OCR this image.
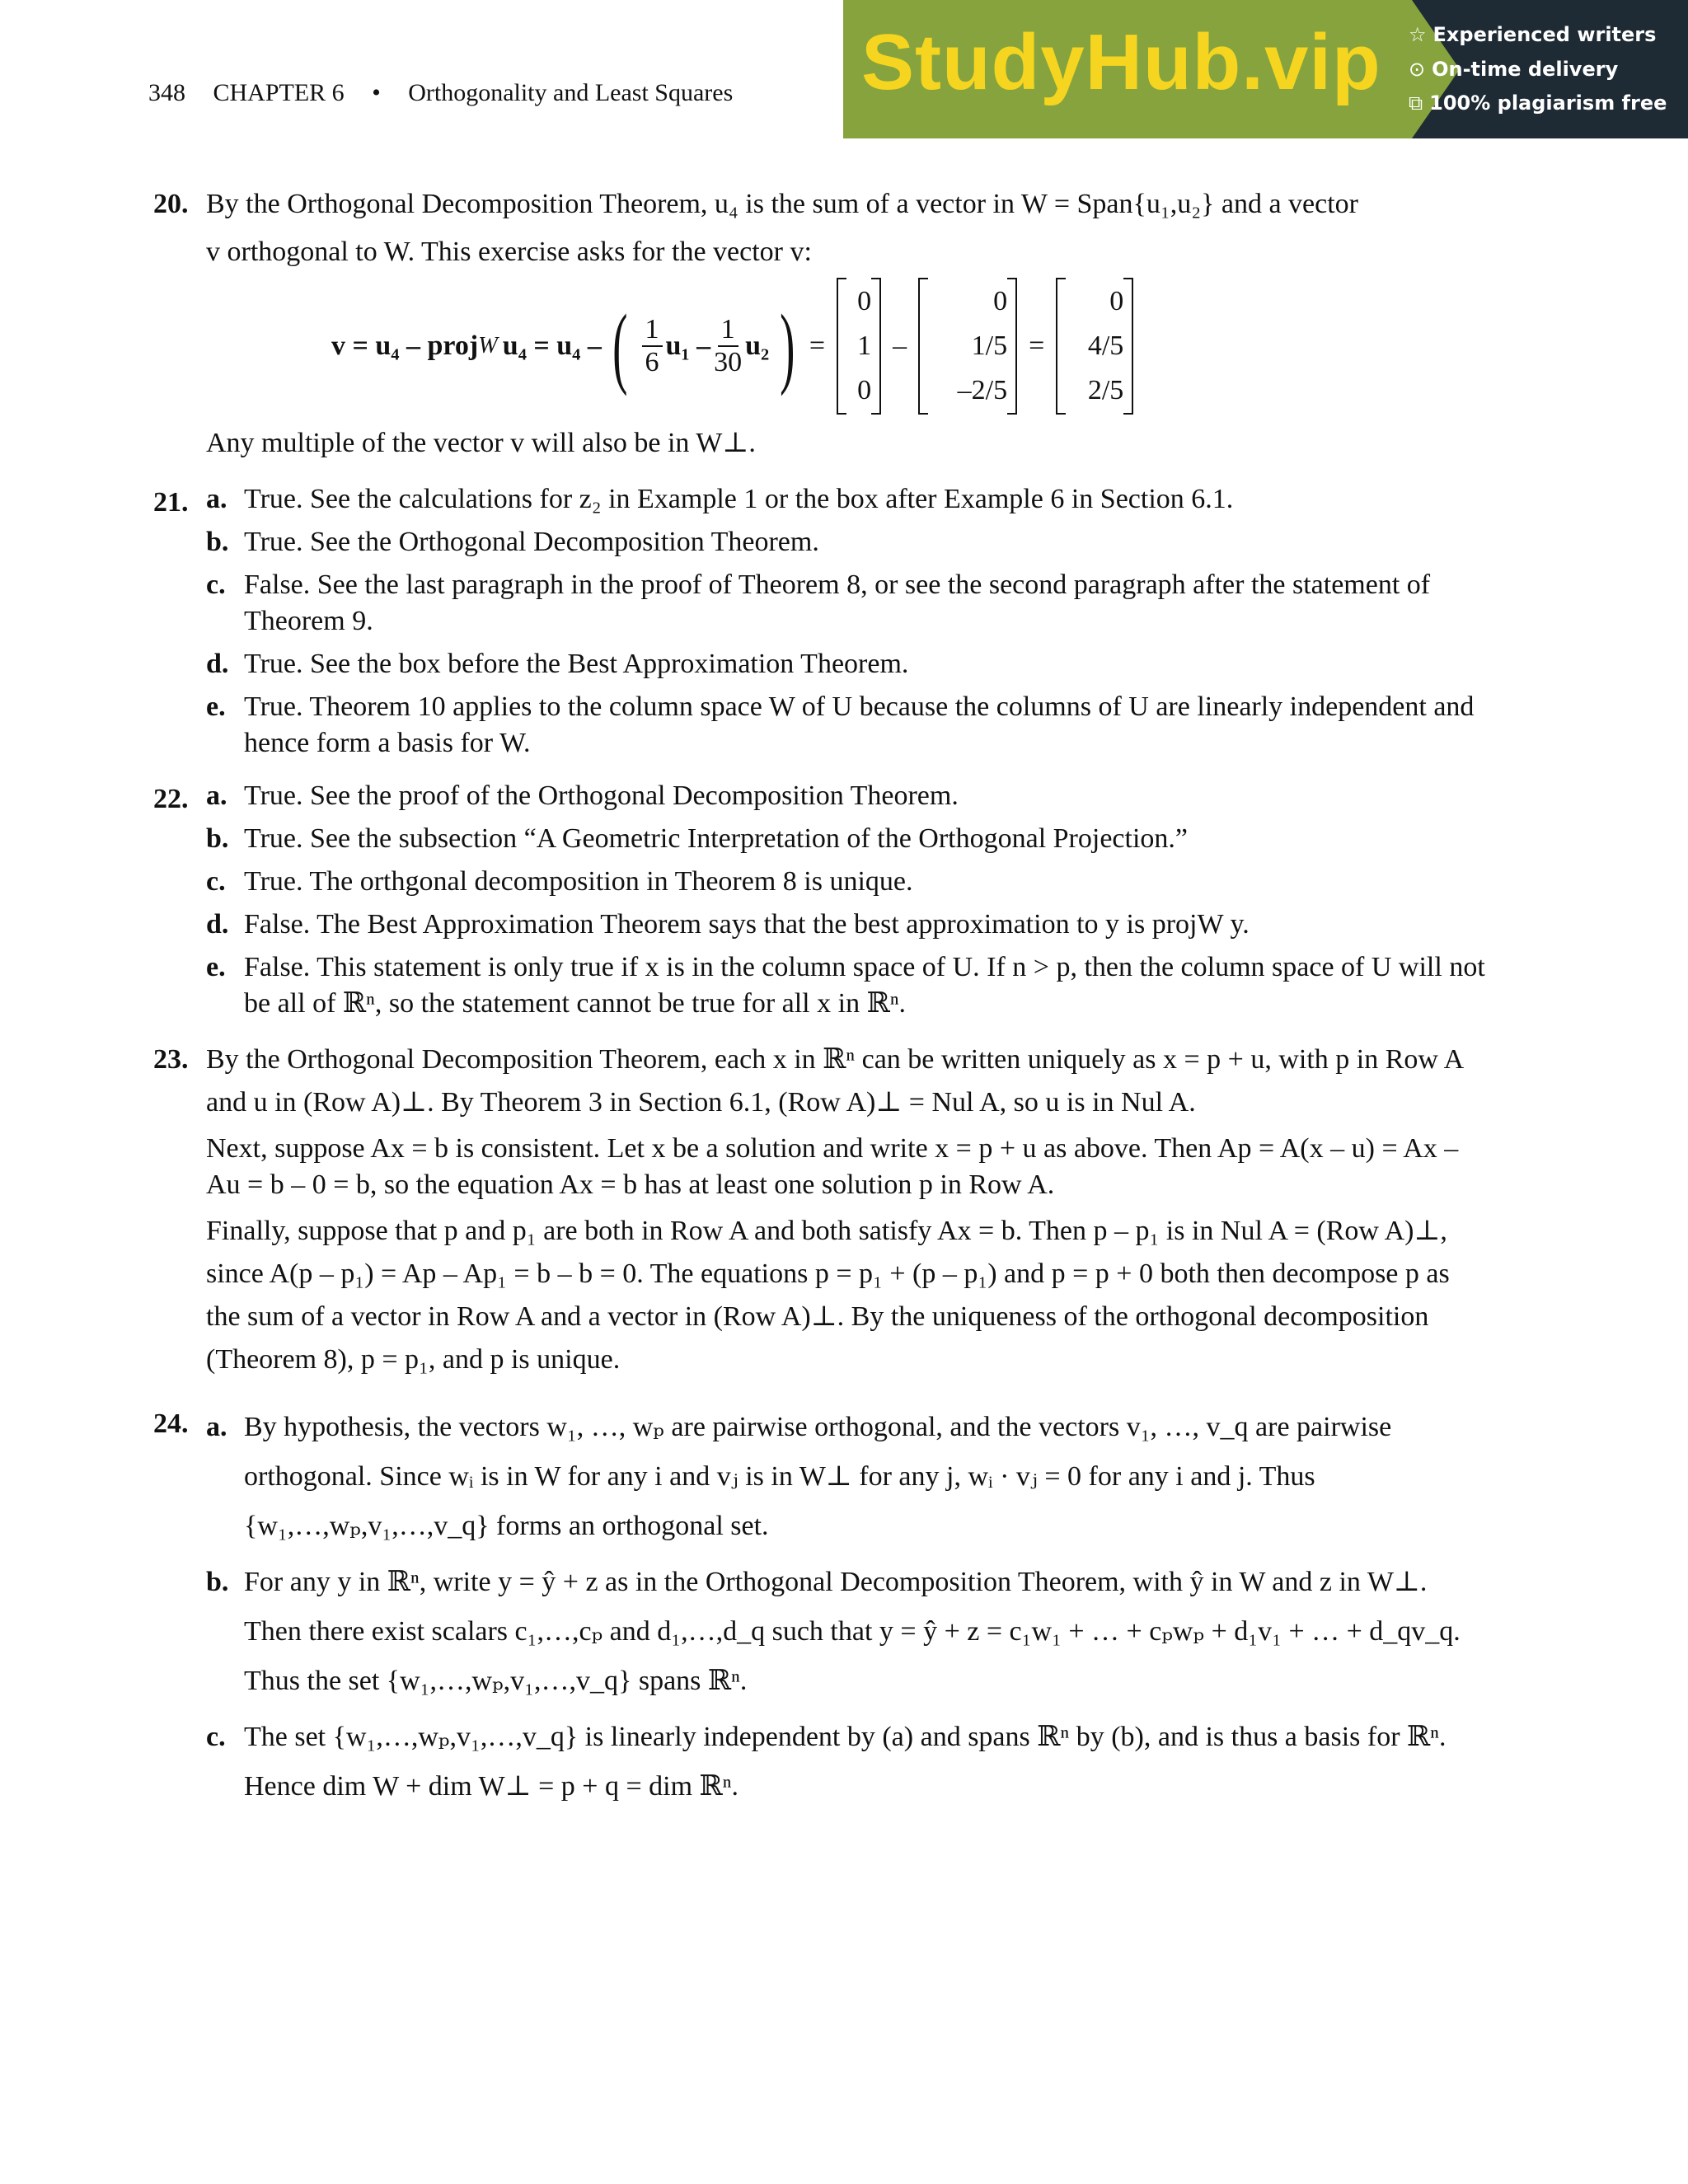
348 CHAPTER 6 • Orthogonality and Least Squares StudyHub.vip ☆ Experienced writers
⊙ On-time delivery
⧉ 100% plagiarism free
20. By the Orthogonal Decomposition Theorem, u₄ is the sum of a vector in W = Span{u₁,u₂} and a vector
v orthogonal to W. This exercise asks for the vector v:
v = u₄ – proj W u₄ = u₄ – ( $\frac{1}{6} u_1 - \frac{1}{30} u_2$ ) =
0
1
0
–
0
1/5
–2/5
=
0
4/5
2/5
Any multiple of the vector v will also be in W⊥.
21. a. True. See the calculations for z₂ in Example 1 or the box after Example 6 in Section 6.1.
b. True. See the Orthogonal Decomposition Theorem.
c. False. See the last paragraph in the proof of Theorem 8, or see the second paragraph after the statement of Theorem 9.
d. True. See the box before the Best Approximation Theorem.
e. True. Theorem 10 applies to the column space W of U because the columns of U are linearly independent and hence form a basis for W.
22. a. True. See the proof of the Orthogonal Decomposition Theorem.
b. True. See the subsection “A Geometric Interpretation of the Orthogonal Projection.”
c. True. The orthgonal decomposition in Theorem 8 is unique.
d. False. The Best Approximation Theorem says that the best approximation to y is projW y.
e. False. This statement is only true if x is in the column space of U. If n > p, then the column space of U will not be all of ℝⁿ, so the statement cannot be true for all x in ℝⁿ.
23. By the Orthogonal Decomposition Theorem, each x in ℝⁿ can be written uniquely as x = p + u, with p in Row A and u in (Row A)⊥. By Theorem 3 in Section 6.1, (Row A)⊥ = Nul A, so u is in Nul A.
Next, suppose Ax = b is consistent. Let x be a solution and write x = p + u as above. Then Ap = A(x – u) = Ax – Au = b – 0 = b, so the equation Ax = b has at least one solution p in Row A.
Finally, suppose that p and p₁ are both in Row A and both satisfy Ax = b. Then p – p₁ is in Nul A = (Row A)⊥, since A(p – p₁) = Ap – Ap₁ = b – b = 0. The equations p = p₁ + (p – p₁) and p = p + 0 both then decompose p as the sum of a vector in Row A and a vector in (Row A)⊥. By the uniqueness of the orthogonal decomposition (Theorem 8), p = p₁, and p is unique.
24. a. By hypothesis, the vectors w₁, …, wₚ are pairwise orthogonal, and the vectors v₁, …, v_q are pairwise orthogonal. Since wᵢ is in W for any i and vⱼ is in W⊥ for any j, wᵢ · vⱼ = 0 for any i and j. Thus {w₁,…,wₚ,v₁,…,v_q} forms an orthogonal set.
b. For any y in ℝⁿ, write y = ŷ + z as in the Orthogonal Decomposition Theorem, with ŷ in W and z in W⊥. Then there exist scalars c₁,…,cₚ and d₁,…,d_q such that y = ŷ + z = c₁w₁ + … + cₚwₚ + d₁v₁ + … + d_qv_q. Thus the set {w₁,…,wₚ,v₁,…,v_q} spans ℝⁿ.
c. The set {w₁,…,wₚ,v₁,…,v_q} is linearly independent by (a) and spans ℝⁿ by (b), and is thus a basis for ℝⁿ. Hence dim W + dim W⊥ = p + q = dim ℝⁿ.
